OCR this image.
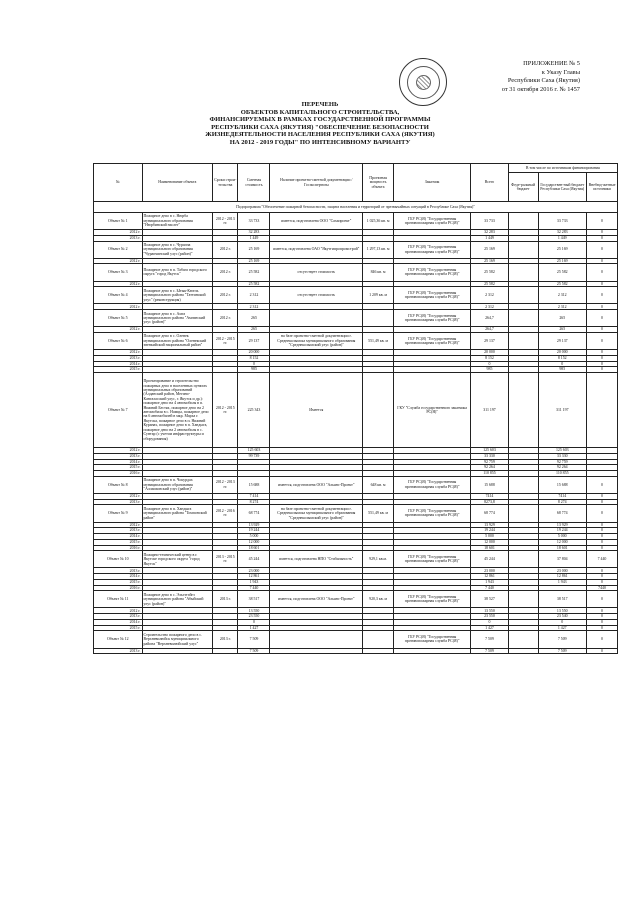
ПРИЛОЖЕНИЕ № 5
к Указу Главы
Республики Саха (Якутия)
от 31 октября 2016 г. № 1457
ПЕРЕЧЕНЬ
ОБЪЕКТОВ КАПИТАЛЬНОГО СТРОИТЕЛЬСТВА,
ФИНАНСИРУЕМЫХ В РАМКАХ ГОСУДАРСТВЕННОЙ ПРОГРАММЫ
РЕСПУБЛИКИ САХА (ЯКУТИЯ) "ОБЕСПЕЧЕНИЕ БЕЗОПАСНОСТИ
ЖИЗНЕДЕЯТЕЛЬНОСТИ НАСЕЛЕНИЯ РЕСПУБЛИКИ САХА (ЯКУТИЯ)
НА 2012 - 2019 ГОДЫ" ПО ИНТЕНСИВНОМУ ВАРИАНТУ
№	Наименование объекта	Сроки строи-тельства	Сметная стоимость	Наличие проектно-сметной документации / Госэкспертизы	Проектная мощность объекта	Заказчик	Всего	В том числе по источникам финансирования		
								Феде-ральный бюджет	Государствен-ный бюджет Республики Саха (Якутия)	Внебюд-жетные источники
Подпрограмма "Обеспечение пожарной безопасности, защита населения и территорий от чрезвычайных ситуаций в Республике Саха (Якутия)"										
Объект № 1	Пожарное депо в с. Нюрба муниципального образования "Нюрбинский наслег"	2012 - 2013 гг.	33 733	имеется, подготовлена ООО "Сахапроект"	1 025,36 кв. м	ГБУ РС(Я) "Государственная противопожарная служба РС(Я)"	33 733		33 733	0
2012 г.			32 283				32 283		32 283	0
2013 г.			1 449				1 449		1 449	0
Объект № 2	Пожарное депо в с. Чурапча муниципального образования "Чурапчинский улус (район)"	2012 г.	25 169	имеется, подготовлена ОАО "Якутгипропромстрой"	1 297,13 кв. м	ГБУ РС(Я) "Государственная противопожарная служба РС(Я)"	25 169		25 169	0
2012 г.			25 169				25 169		25 169	0
Объект № 3	Пожарное депо в п. Табага городского округа "город Якутск"	2012 г.	25 582	отсутствует стоимость	846 кв. м	ГБУ РС(Я) "Государственная противопожарная служба РС(Я)"	25 582		25 582	0
2012 г.			25 582				25 582		25 582	0
Объект № 4	Пожарное депо в с. Ытык-Кюель муниципального района "Таттинский улус" (реконструкция)	2012 г.	2 312	отсутствует стоимость	1 209 кв. м	ГБУ РС(Я) "Государственная противопожарная служба РС(Я)"	2 312		2 312	0
2012 г.			2 312				2 312		2 312	0
Объект № 5	Пожарное депо в с. Амга муниципального района "Амгинский улус (район)"	2012 г.	265			ГБУ РС(Я) "Государственная противопожарная служба РС(Я)"	264,7		265	0
2012 г.			265				264,7		265	0
Объект № 6	Пожарное депо в с. Оленек муниципального района "Оленекский эвенкийский национальный район"	2012 - 2015 гг.	29 137	на базе проектно-сметной документации г. Среднеколымска муниципального образования "Среднеколымский улус (район)"	551,49 кв. м	ГБУ РС(Я) "Государственная противопожарная служба РС(Я)"	29 137		29 137	0
2012 г.			20 000				20 000		20 000	0
2013 г.			8 152				8 152		8 152	0
2014 г.			0				0		0	0
2015 г.			985				985		985	0
Объект № 7	Проектирование и строительство пожарных депо в населенных пунктах муниципальных образований (Алданский район, Мегино-Кангаласский улус, г. Якутск и др.): пожарное депо на 4 автомобиля в п. Нижний Бестях, пожарное депо на 2 автомобиля в с. Намцы, пожарное депо на 6 автомобилей в мкр. Марха г. Якутска, пожарное депо в п. Нижний Куранах, пожарное депо в п. Хандыга, пожарное депо на 2 автомобиля в с. Сунтар (с учетом инфраструктуры и оборудования)	2012 - 2015 гг.	225 343	Имеется		ГКУ "Служба государственного заказчика РС(Я)"	311 197		311 197	
2012 г.			125 603				125 603		125 603	
2013 г.			99 739				33 330		33 330	
2014 г.							92 759		92 759	
2015 г.							92 264		92 264	
2016 г.							110 855		110 855	
Объект № 8	Пожарное депо в п. Чокурдах муниципального образования "Аллаиховский улус (район)"	2012 - 2013 гг.	15 688	имеется, подготовлена ООО "Альянс-Проект"	648 кв. м	ГБУ РС(Я) "Государственная противопожарная служба РС(Я)"	15 688		15 688	0
2012 г.			7 414				7414		7414	0
2013 г.			8 274				8273,8		8 274	0
Объект № 9	Пожарное депо в п. Хандыга муниципального района "Томпонский район"	2012 - 2016 гг.	68 774	на базе проектно-сметной документации г. Среднеколымска муниципального образования "Среднеколымский улус (район)"	551,49 кв. м	ГБУ РС(Я) "Государственная противопожарная служба РС(Я)"	68 774		68 774	0
2012 г.			13 929				13 929		13 929	0
2013 г.			19 244				19 244		19 244	0
2014 г.			5 000				5 000		5 000	0
2015 г.			12 000				12 000		12 000	0
2016 г.			18 601				18 601		18 601	0
Объект № 10	Пожарно-технический центр в г. Якутске городского округа "город Якутск"	2013 - 2015 гг.	45 244	имеется, подготовлена НПО "Стабильность"	929,1 кв.м.	ГБУ РС(Я) "Государственная противопожарная служба РС(Я)"	45 244		37 804	7 440
2013 г.			23 000				23 000		23 000	0
2014 г.			12 861				12 861		12 861	0
2015 г.			1 943				1 943		1 943	0
2016 г.			7 440				7 440			7440
Объект № 11	Пожарное депо в с. Эльгэтэйгэ муниципального района "Абыйский улус (район)"	2013 г.	38 517	имеется, подготовлена ООО "Альянс-Проект"	920,3 кв. м	ГБУ РС(Я) "Государственная противопожарная служба РС(Я)"	38 527		38 517	0
2012 г.			13 550				13 550		13 550	0
2013 г.			23 550				23 550		23 540	0
2014 г.			0				0		0	0
2015 г.			1 427				1 427		1 427	0
Объект № 12	Строительство пожарного депо в с. Верхневилюйск муниципального района "Верхневилюйский улус"	2013 г.	7 509			ГБУ РС(Я) "Государственная противопожарная служба РС(Я)"	7 509		7 509	0
2013 г.			7 509				7 509		7 509	0
